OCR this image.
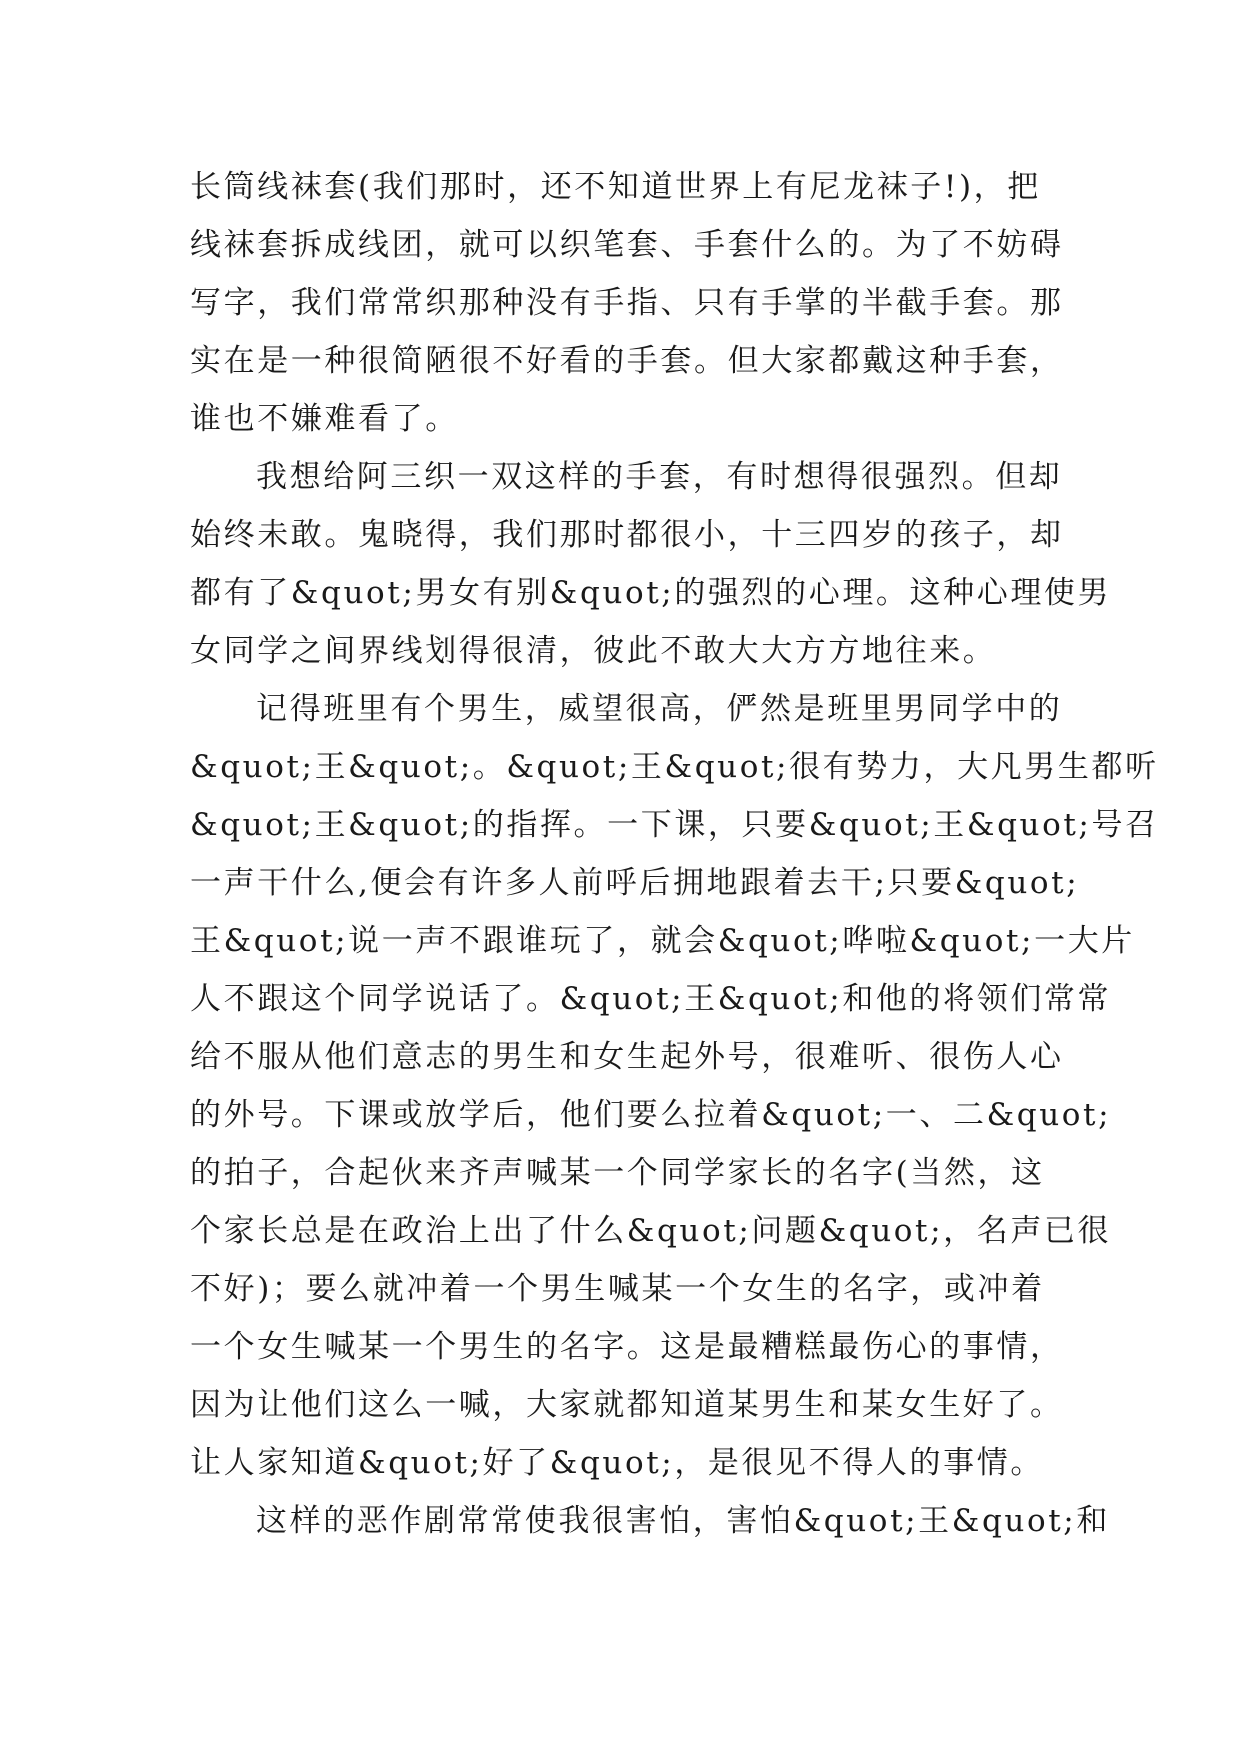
长筒线袜套(我们那时，还不知道世界上有尼龙袜子!)，把
线袜套拆成线团，就可以织笔套、手套什么的。为了不妨碍
写字，我们常常织那种没有手指、只有手掌的半截手套。那
实在是一种很简陋很不好看的手套。但大家都戴这种手套，
谁也不嫌难看了。
我想给阿三织一双这样的手套，有时想得很强烈。但却
始终未敢。鬼晓得，我们那时都很小，十三四岁的孩子，却
都有了&quot;男女有别&quot;的强烈的心理。这种心理使男
女同学之间界线划得很清，彼此不敢大大方方地往来。
记得班里有个男生，威望很高，俨然是班里男同学中的
&quot;王&quot;。&quot;王&quot;很有势力，大凡男生都听
&quot;王&quot;的指挥。一下课，只要&quot;王&quot;号召
一声干什么,便会有许多人前呼后拥地跟着去干;只要&quot;
王&quot;说一声不跟谁玩了，就会&quot;哗啦&quot;一大片
人不跟这个同学说话了。&quot;王&quot;和他的将领们常常
给不服从他们意志的男生和女生起外号，很难听、很伤人心
的外号。下课或放学后，他们要么拉着&quot;一、二&quot;
的拍子，合起伙来齐声喊某一个同学家长的名字(当然，这
个家长总是在政治上出了什么&quot;问题&quot;，名声已很
不好)；要么就冲着一个男生喊某一个女生的名字，或冲着
一个女生喊某一个男生的名字。这是最糟糕最伤心的事情，
因为让他们这么一喊，大家就都知道某男生和某女生好了。
让人家知道&quot;好了&quot;，是很见不得人的事情。
这样的恶作剧常常使我很害怕，害怕&quot;王&quot;和
